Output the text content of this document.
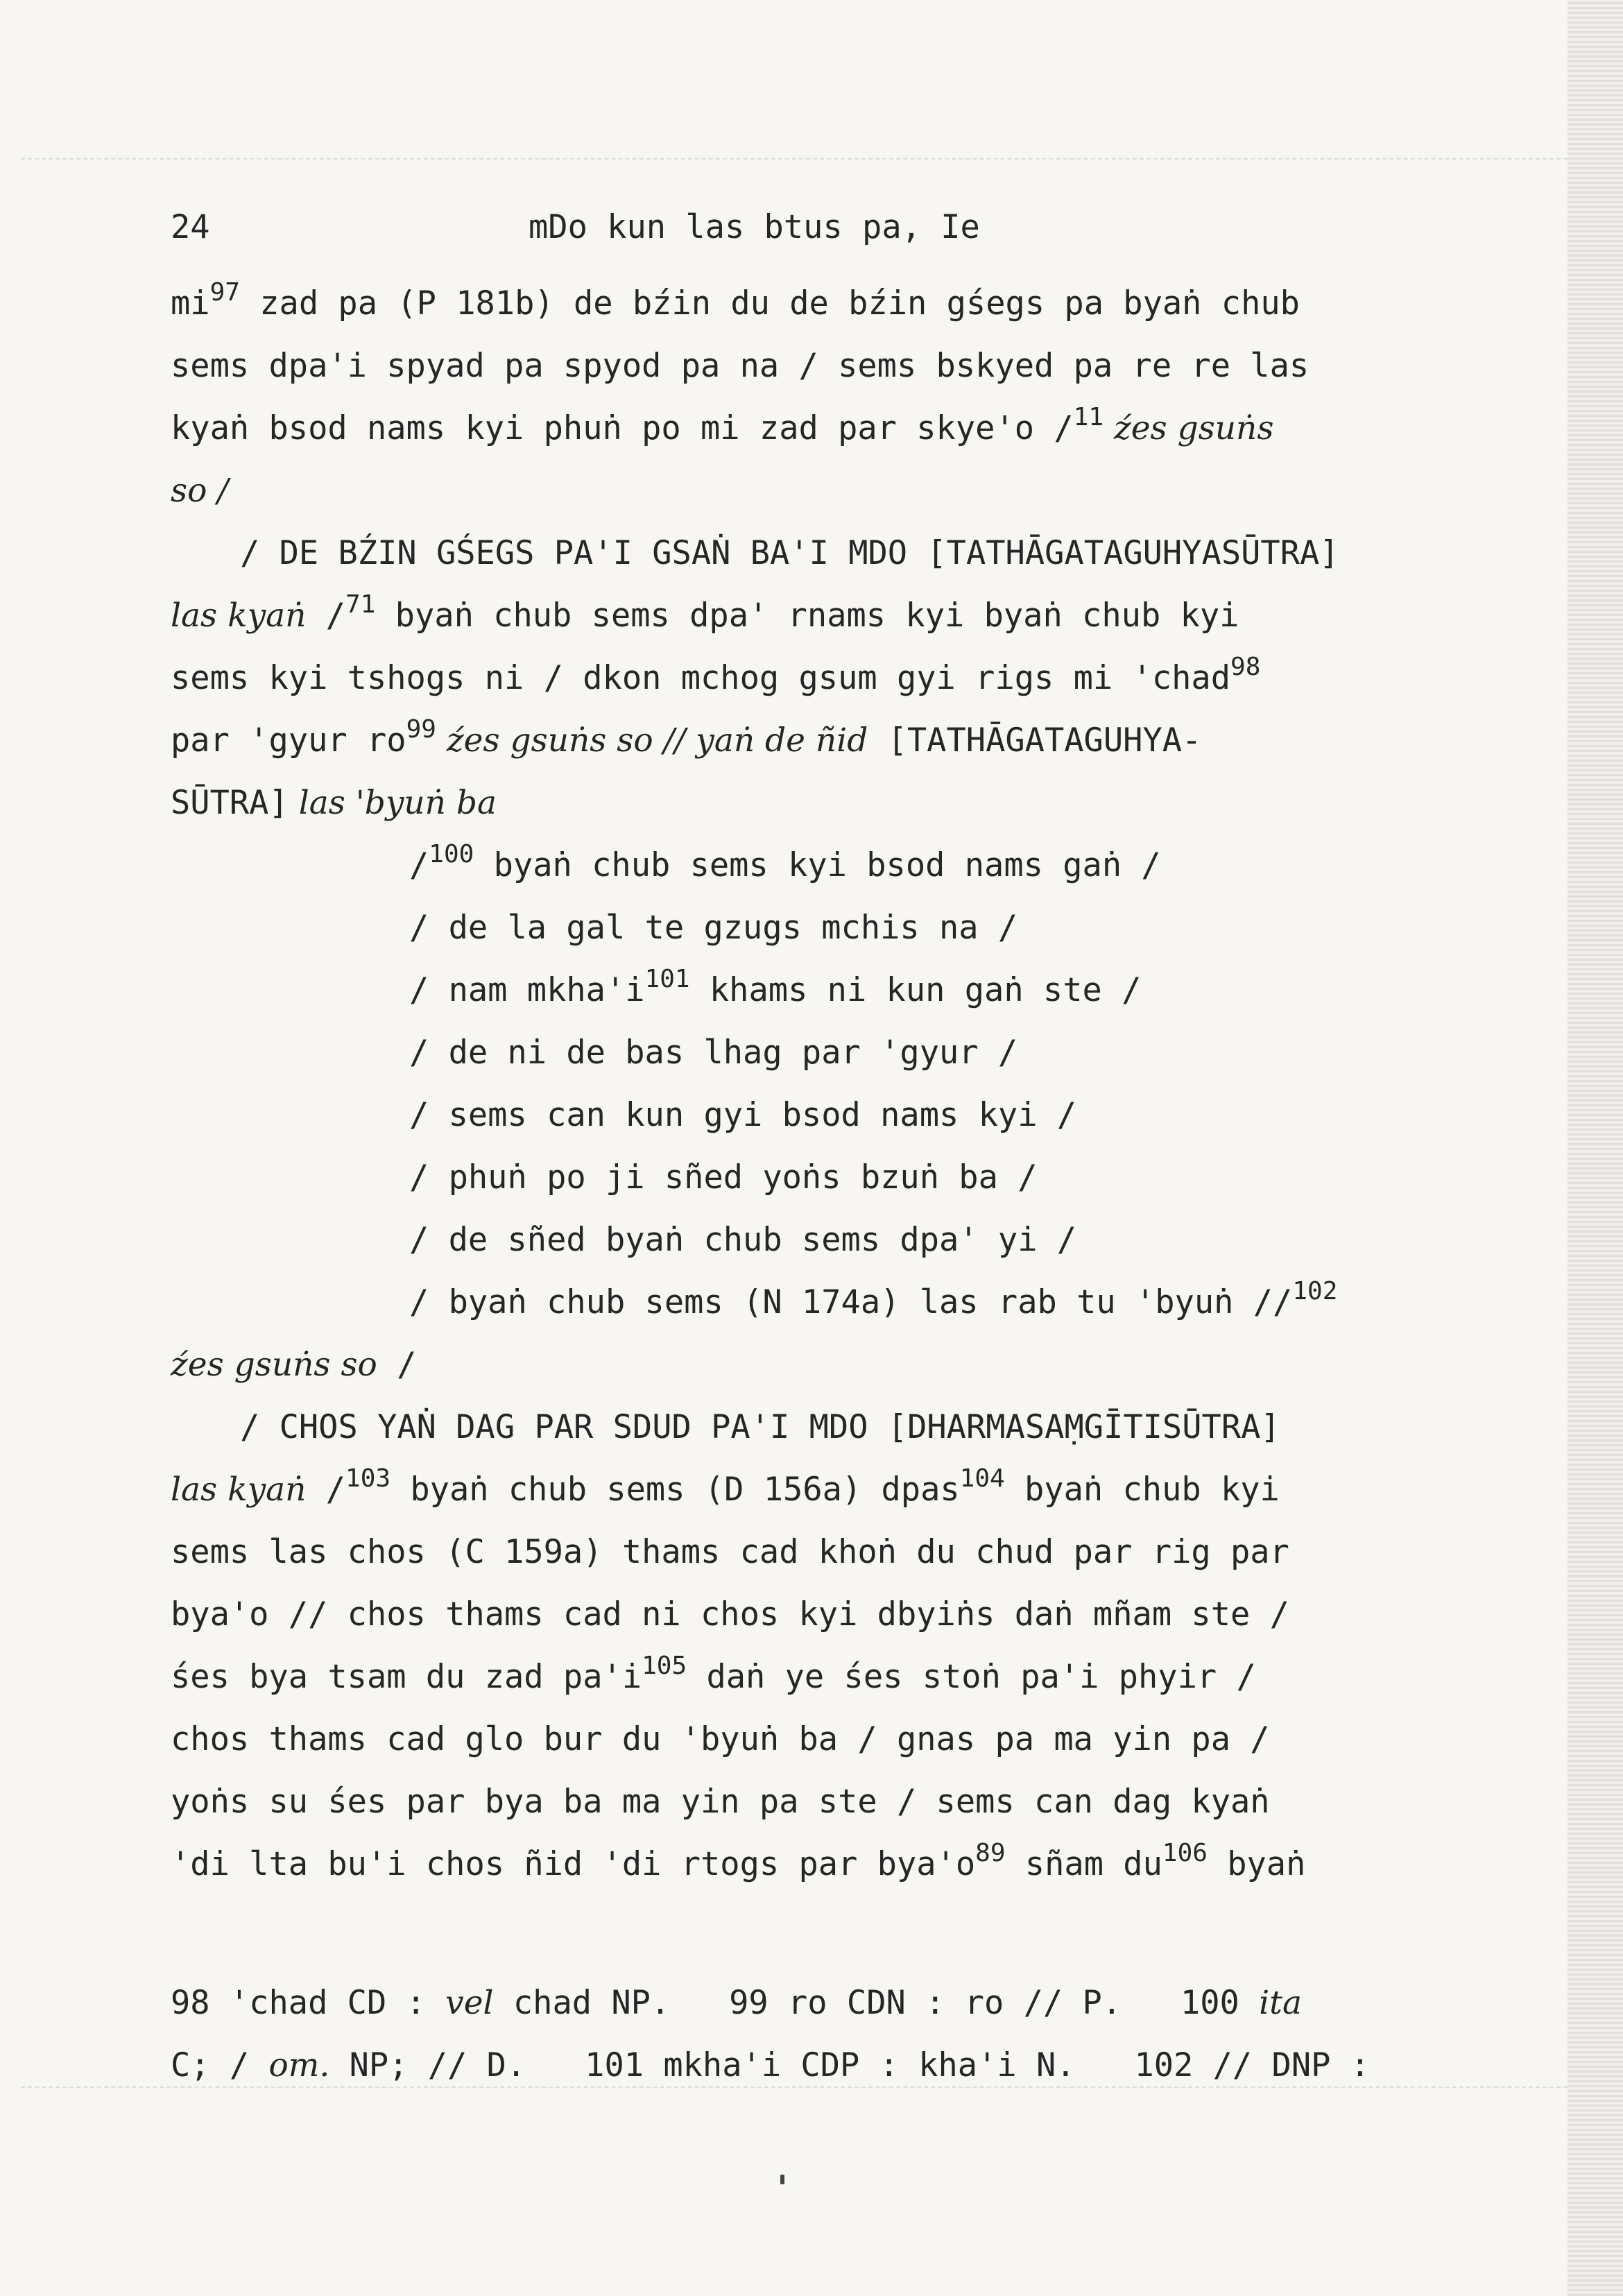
24	mDo kun las btus pa, Ie
$mi^{97}$ zad pa (P 181b) de bźin du de bźin gśegs pa byaṅ chub
sems dpa'i spyad pa spyod pa na / sems bskyed pa re re las
kyaṅ bsod nams kyi phuṅ po mi zad par skye'o /$^{11}$ źes gsuṅs
so /
/ DE BŹIN GŚEGS PA'I GSAṄ BA'I MDO [TATHĀGATAGUHYASŪTRA]
las kyaṅ /$^{71}$ byaṅ chub sems dpa' rnams kyi byaṅ chub kyi
sems kyi tshogs ni / dkon mchog gsum gyi rigs mi 'chad$^{98}$
par 'gyur $ro^{99}$ źes gsuṅs so // yaṅ de ñid [TATHĀGATAGUHYA-
SŪTRA] las 'byuṅ ba
/$^{100}$ byaṅ chub sems kyi bsod nams gaṅ /
/ de la gal te gzugs mchis na /
/ nam $mkha'i^{101}$ khams ni kun gaṅ ste /
/ de ni de bas lhag par 'gyur /
/ sems can kun gyi bsod nams kyi /
/ phuṅ po ji sñed yoṅs bzuṅ ba /
/ de sñed byaṅ chub sems dpa' yi /
/ byaṅ chub sems (N 174a) las rab tu 'byuṅ //$^{102}$
źes gsuṅs so /
/ CHOS YAṄ DAG PAR SDUD PA'I MDO [DHARMASAṂGĪTISŪTRA]
las kyaṅ /$^{103}$ byaṅ chub sems (D 156a) dpas$^{104}$ byaṅ chub kyi
sems las chos (C 159a) thams cad khoṅ du chud par rig par
bya'o // chos thams cad ni chos kyi dbyiṅs daṅ mñam ste /
śes bya tsam du zad $pa'i^{105}$ daṅ ye śes stoṅ pa'i phyir /
chos thams cad glo bur du 'byuṅ ba / gnas pa ma yin pa /
yoṅs su śes par bya ba ma yin pa ste / sems can dag kyaṅ
'di lta bu'i chos ñid 'di rtogs par $bya'o^{89}$ sñam $du^{106}$ byaṅ
98 'chad CD : vel chad NP.   99 ro CDN : ro // P.   100 ita
C; / om. NP; // D.   101 mkha'i CDP : kha'i N.   102 // DNP :
